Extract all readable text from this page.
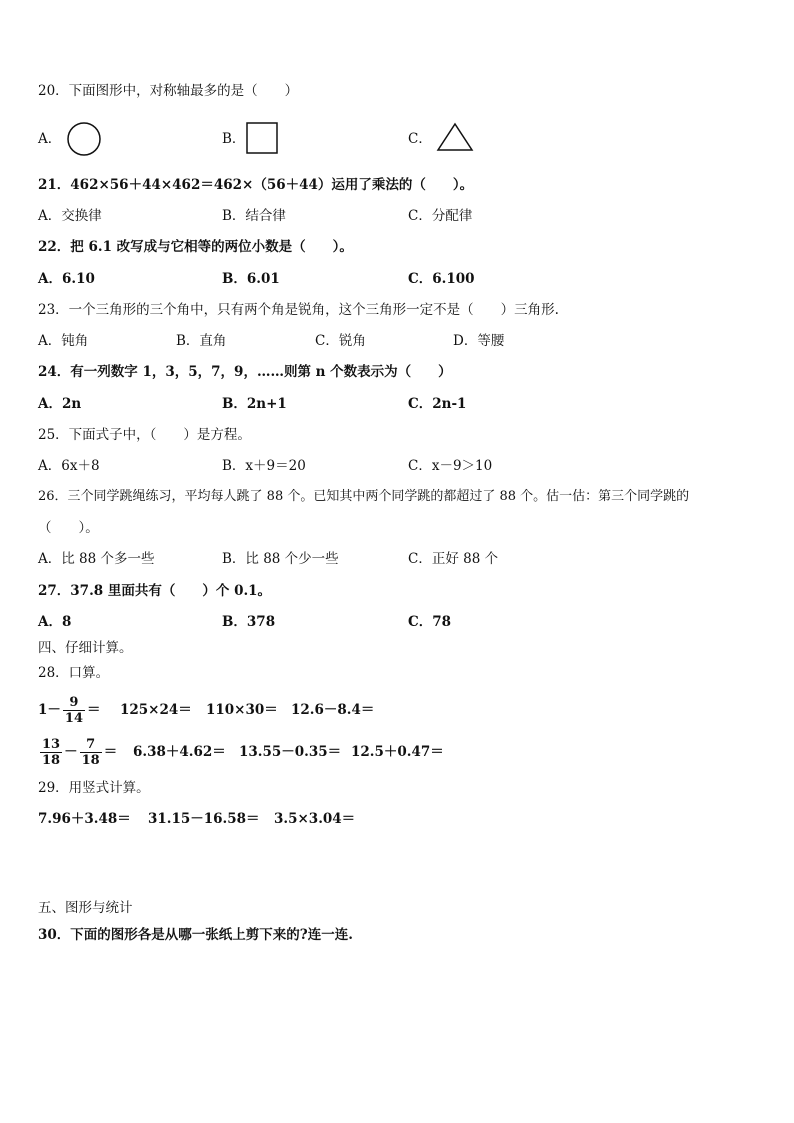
20．下面图形中，对称轴最多的是（　　）
A．	B．	C．
21．462×56＋44×462＝462×（56＋44）运用了乘法的（　　）。
A．交换律	B．结合律	C．分配律
22．把 6.1 改写成与它相等的两位小数是（　　）。
A．6.10	B．6.01	C．6.100
23．一个三角形的三个角中，只有两个角是锐角，这个三角形一定不是（　　）三角形.
A．钝角	B．直角	C．锐角	D．等腰
24．有一列数字 1，3，5，7，9，……则第 n 个数表示为（　　）
A．2n	B．2n+1	C．2n-1
25．下面式子中，（　　）是方程。
A．6x＋8	B．x＋9＝20	C．x－9＞10
26．三个同学跳绳练习，平均每人跳了 88 个。已知其中两个同学跳的都超过了 88 个。估一估：第三个同学跳的
（　　）。
A．比 88 个多一些	B．比 88 个少一些	C．正好 88 个
27．37.8 里面共有（　　）个 0.1。
A．8	B．378	C．78
四、仔细计算。
28．口算。
$1- \frac{9}{14} = 125\times 24= 110\times 30= 12.6-8.4=$
$\frac{13}{18} - \frac{7}{18} = 6.38+4.62= 13.55-0.35= 12.5+0.47=$
29．用竖式计算。
7.96＋3.48＝ 31.15－16.58＝ 3.5×3.04＝
五、图形与统计
30．下面的图形各是从哪一张纸上剪下来的?连一连.
